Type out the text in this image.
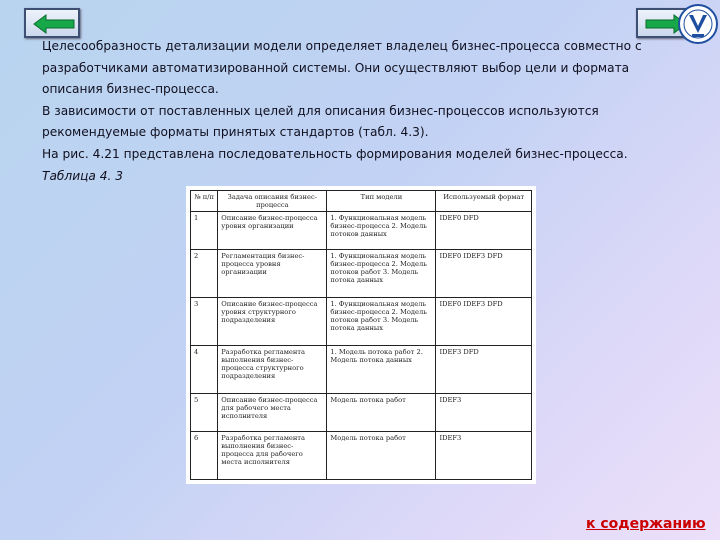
Целесообразность детализации модели определяет владелец бизнес-процесса совместно с разработчиками автоматизированной системы. Они осуществляют выбор цели и формата описания бизнес-процесса.

В зависимости от поставленных целей для описания бизнес-процессов используются рекомендуемые форматы принятых стандартов (табл. 4.3).

На рис. 4.21 представлена последовательность формирования моделей бизнес-процесса.

Таблица 4. 3

№ п/п	Задача описания бизнес-процесса	Тип модели	Используемый формат
1	Описание бизнес-процесса уровня организации	1. Функциональная модель бизнес-процесса 2. Модель потоков данных	IDEF0 DFD
2	Регламентация бизнес-процесса уровня организации	1. Функциональная модель бизнес-процесса 2. Модель потоков работ 3. Модель потока данных	IDEF0 IDEF3 DFD
3	Описание бизнес-процесса уровня структурного подразделения	1. Функциональная модель бизнес-процесса 2. Модель потоков работ 3. Модель потока данных	IDEF0 IDEF3 DFD
4	Разработка регламента выполнения бизнес-процесса структурного подразделения	1. Модель потока работ 2. Модель потока данных	IDEF3 DFD
5	Описание бизнес-процесса для рабочего места исполнителя	Модель потока работ	IDEF3
6	Разработка регламента выполнения бизнес-процесса для рабочего места исполнителя	Модель потока работ	IDEF3
к содержанию
